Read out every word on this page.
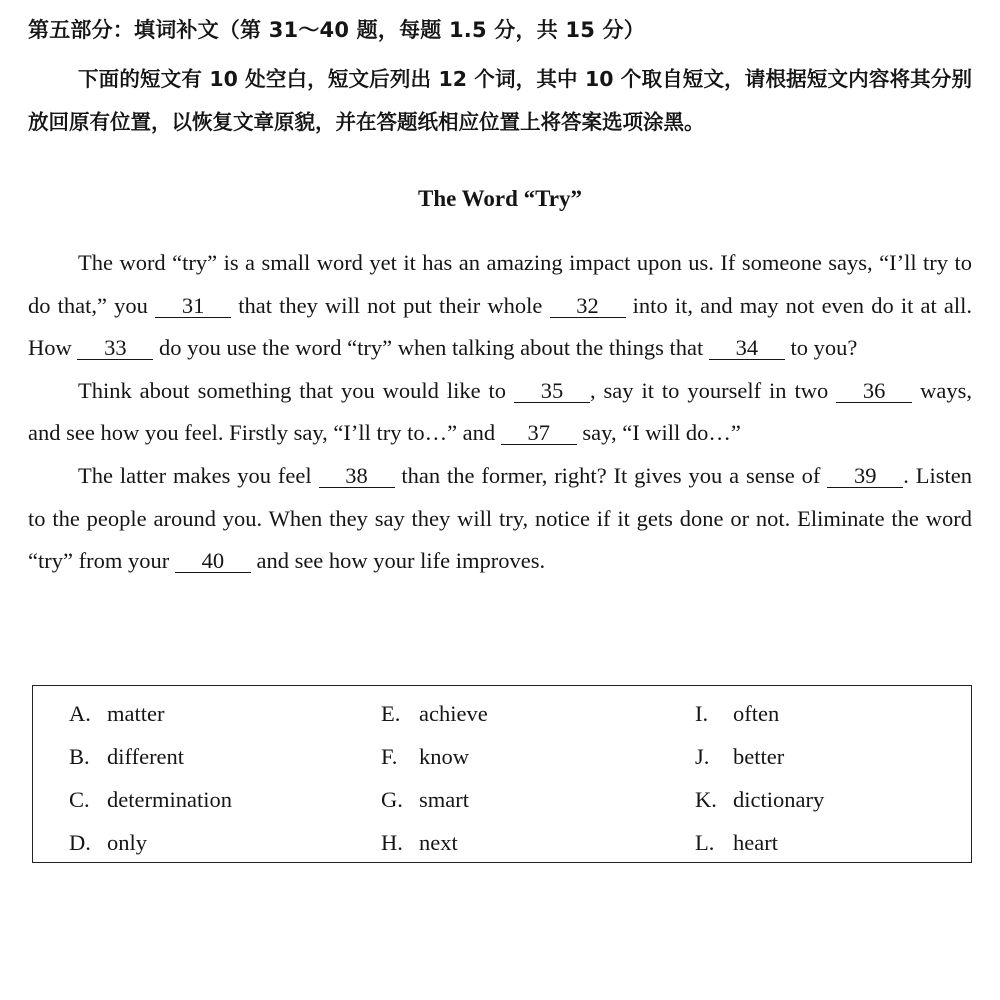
第五部分：填词补文（第 31～40 题，每题 1.5 分，共 15 分）
下面的短文有 10 处空白，短文后列出 12 个词，其中 10 个取自短文，请根据短文内容将其分别放回原有位置，以恢复文章原貌，并在答题纸相应位置上将答案选项涂黑。
The Word “Try”

The word “try” is a small word yet it has an amazing impact upon us. If someone says, “I’ll try to do that,” you 31 that they will not put their whole 32 into it, and may not even do it at all. How 33 do you use the word “try” when talking about the things that 34 to you?

Think about something that you would like to 35 , say it to yourself in two 36 ways, and see how you feel. Firstly say, “I’ll try to…” and 37 say, “I will do…”

The latter makes you feel 38 than the former, right? It gives you a sense of 39 . Listen to the people around you. When they say they will try, notice if it gets done or not. Eliminate the word “try” from your 40 and see how your life improves.

A. matter
B. different
C. determination
D. only
E. achieve
F. know
G. smart
H. next
I. often
J. better
K. dictionary
L. heart
